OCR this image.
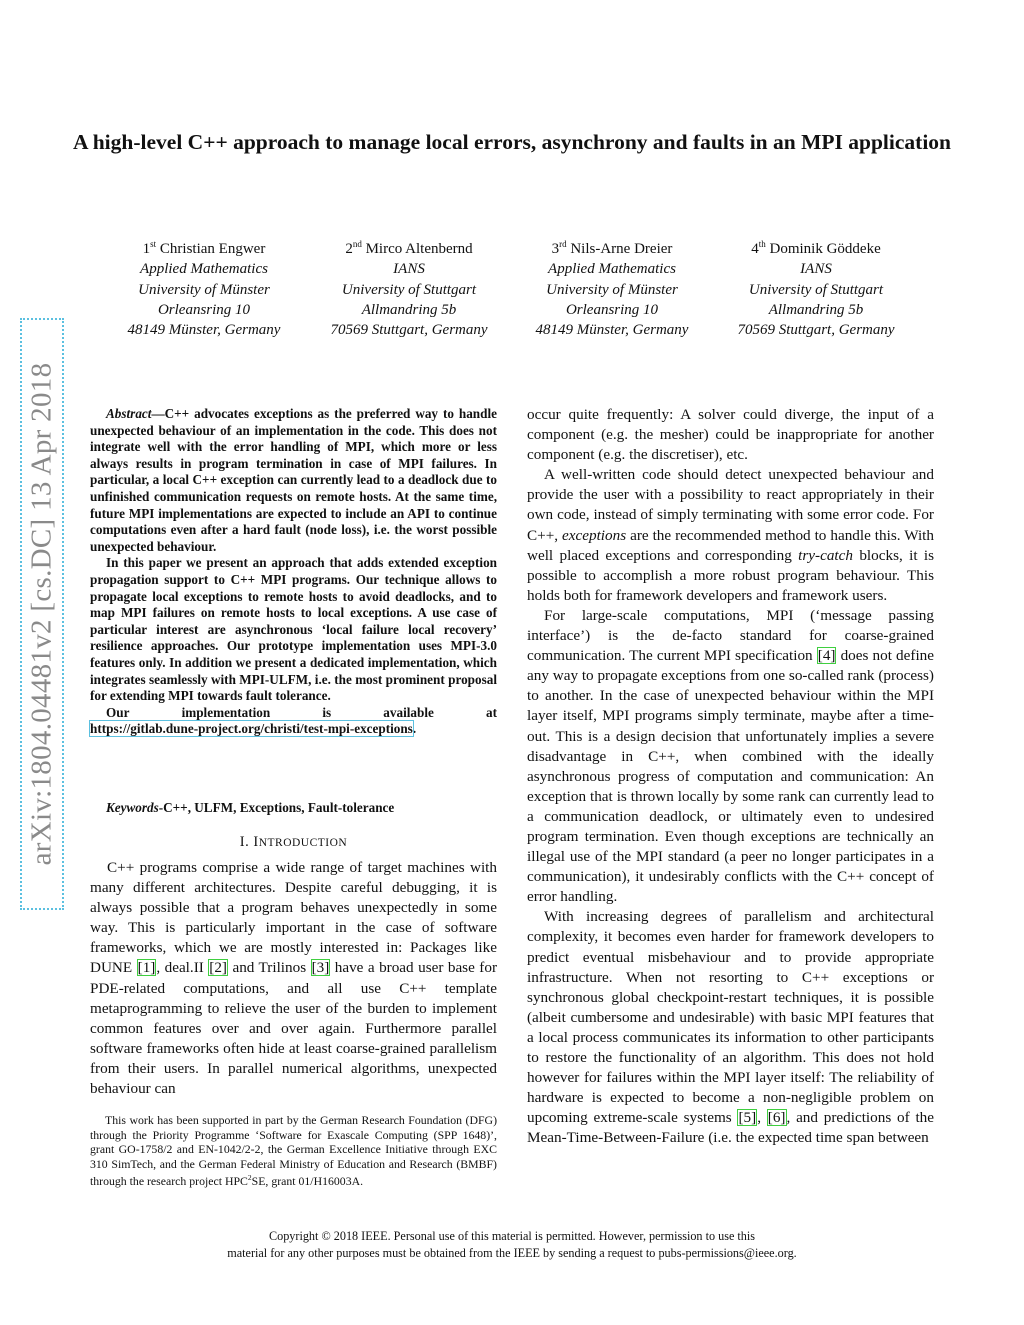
arXiv:1804.04481v2 [cs.DC] 13 Apr 2018
A high-level C++ approach to manage local errors, asynchrony and faults in an MPI application
1st Christian Engwer
Applied Mathematics
University of Münster
Orleansring 10
48149 Münster, Germany
2nd Mirco Altenbernd
IANS
University of Stuttgart
Allmandring 5b
70569 Stuttgart, Germany
3rd Nils-Arne Dreier
Applied Mathematics
University of Münster
Orleansring 10
48149 Münster, Germany
4th Dominik Göddeke
IANS
University of Stuttgart
Allmandring 5b
70569 Stuttgart, Germany

Abstract—C++ advocates exceptions as the preferred way to handle unexpected behaviour of an implementation in the code. This does not integrate well with the error handling of MPI, which more or less always results in program termination in case of MPI failures. In particular, a local C++ exception can currently lead to a deadlock due to unfinished communication requests on remote hosts. At the same time, future MPI implementations are expected to include an API to continue computations even after a hard fault (node loss), i.e. the worst possible unexpected behaviour.

In this paper we present an approach that adds extended exception propagation support to C++ MPI programs. Our technique allows to propagate local exceptions to remote hosts to avoid deadlocks, and to map MPI failures on remote hosts to local exceptions. A use case of particular interest are asynchronous ‘local failure local recovery’ resilience approaches. Our prototype implementation uses MPI-3.0 features only. In addition we present a dedicated implementation, which integrates seamlessly with MPI-ULFM, i.e. the most prominent proposal for extending MPI towards fault tolerance.

Our	implementation	is	available	at

https://gitlab.dune-project.org/christi/test-mpi-exceptions.
Keywords-C++, ULFM, Exceptions, Fault-tolerance
I. INTRODUCTION

C++ programs comprise a wide range of target machines with many different architectures. Despite careful debugging, it is always possible that a program behaves unexpectedly in some way. This is particularly important in the case of software frameworks, which we are mostly interested in: Packages like DUNE [1], deal.II [2] and Trilinos [3] have a broad user base for PDE-related computations, and all use C++ template metaprogramming to relieve the user of the burden to implement common features over and over again. Furthermore parallel software frameworks often hide at least coarse-grained parallelism from their users. In parallel numerical algorithms, unexpected behaviour can

This work has been supported in part by the German Research Foundation (DFG) through the Priority Programme ‘Software for Exascale Computing (SPP 1648)’, grant GO-1758/2 and EN-1042/2-2, the German Excellence Initiative through EXC 310 SimTech, and the German Federal Ministry of Education and Research (BMBF) through the research project HPC$^2$SE, grant 01/H16003A.

occur quite frequently: A solver could diverge, the input of a component (e.g. the mesher) could be inappropriate for another component (e.g. the discretiser), etc.

A well-written code should detect unexpected behaviour and provide the user with a possibility to react appropriately in their own code, instead of simply terminating with some error code. For C++, exceptions are the recommended method to handle this. With well placed exceptions and corresponding try-catch blocks, it is possible to accomplish a more robust program behaviour. This holds both for framework developers and framework users.

For large-scale computations, MPI (‘message passing interface’) is the de-facto standard for coarse-grained communication. The current MPI specification [4] does not define any way to propagate exceptions from one so-called rank (process) to another. In the case of unexpected behaviour within the MPI layer itself, MPI programs simply terminate, maybe after a time-out. This is a design decision that unfortunately implies a severe disadvantage in C++, when combined with the ideally asynchronous progress of computation and communication: An exception that is thrown locally by some rank can currently lead to a communication deadlock, or ultimately even to undesired program termination. Even though exceptions are technically an illegal use of the MPI standard (a peer no longer participates in a communication), it undesirably conflicts with the C++ concept of error handling.

With increasing degrees of parallelism and architectural complexity, it becomes even harder for framework developers to predict eventual misbehaviour and to provide appropriate infrastructure. When not resorting to C++ exceptions or synchronous global checkpoint-restart techniques, it is possible (albeit cumbersome and undesirable) with basic MPI features that a local process communicates its information to other participants to restore the functionality of an algorithm. This does not hold however for failures within the MPI layer itself: The reliability of hardware is expected to become a non-negligible problem on upcoming extreme-scale systems [5], [6], and predictions of the Mean-Time-Between-Failure (i.e. the expected time span between

Copyright © 2018 IEEE. Personal use of this material is permitted. However, permission to use this
material for any other purposes must be obtained from the IEEE by sending a request to pubs-permissions@ieee.org.
